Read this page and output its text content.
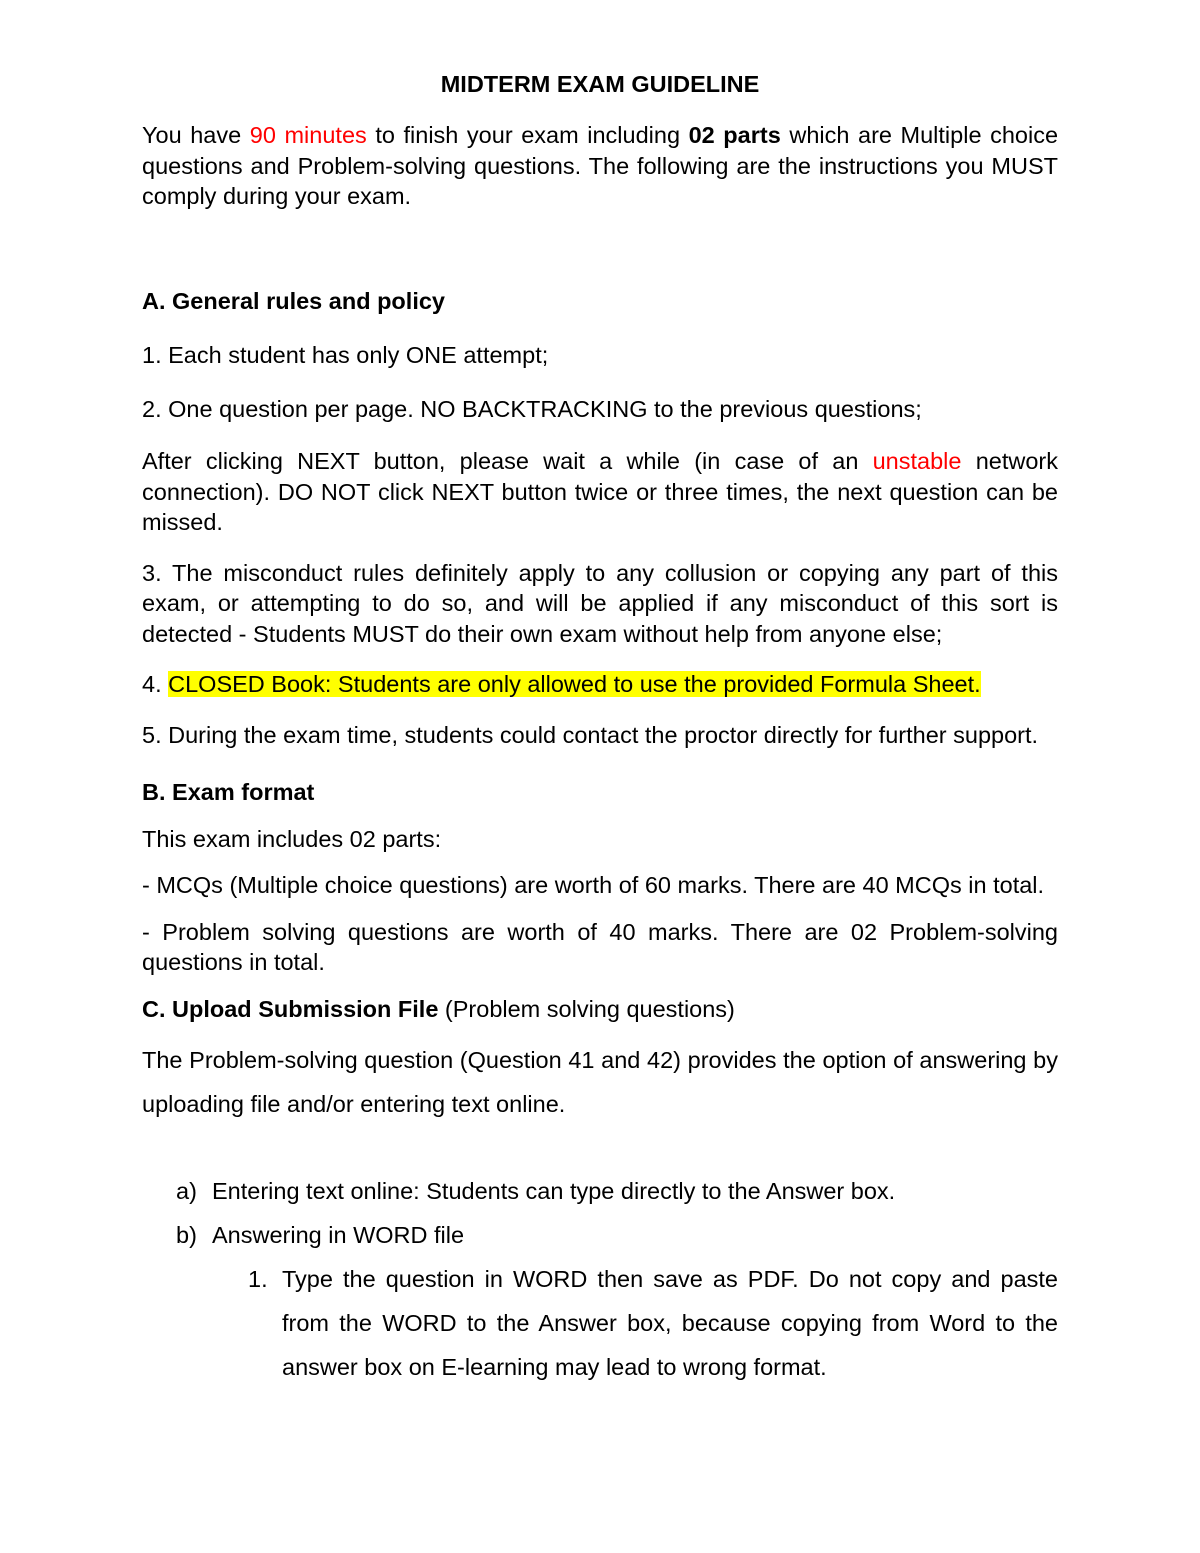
MIDTERM EXAM GUIDELINE

You have 90 minutes to finish your exam including 02 parts which are Multiple choice questions and Problem-solving questions. The following are the instructions you MUST comply during your exam.

A. General rules and policy

1. Each student has only ONE attempt;

2. One question per page. NO BACKTRACKING to the previous questions;

After clicking NEXT button, please wait a while (in case of an unstable network connection). DO NOT click NEXT button twice or three times, the next question can be missed.

3. The misconduct rules definitely apply to any collusion or copying any part of this exam, or attempting to do so, and will be applied if any misconduct of this sort is detected - Students MUST do their own exam without help from anyone else;

4. CLOSED Book: Students are only allowed to use the provided Formula Sheet.

5. During the exam time, students could contact the proctor directly for further support.

B. Exam format

This exam includes 02 parts:

- MCQs (Multiple choice questions) are worth of 60 marks. There are 40 MCQs in total.

- Problem solving questions are worth of 40 marks. There are 02 Problem-solving questions in total.

C. Upload Submission File (Problem solving questions)

The Problem-solving question (Question 41 and 42) provides the option of answering by uploading file and/or entering text online.

a) Entering text online: Students can type directly to the Answer box.
b) Answering in WORD file
1. Type the question in WORD then save as PDF. Do not copy and paste from the WORD to the Answer box, because copying from Word to the answer box on E-learning may lead to wrong format.
